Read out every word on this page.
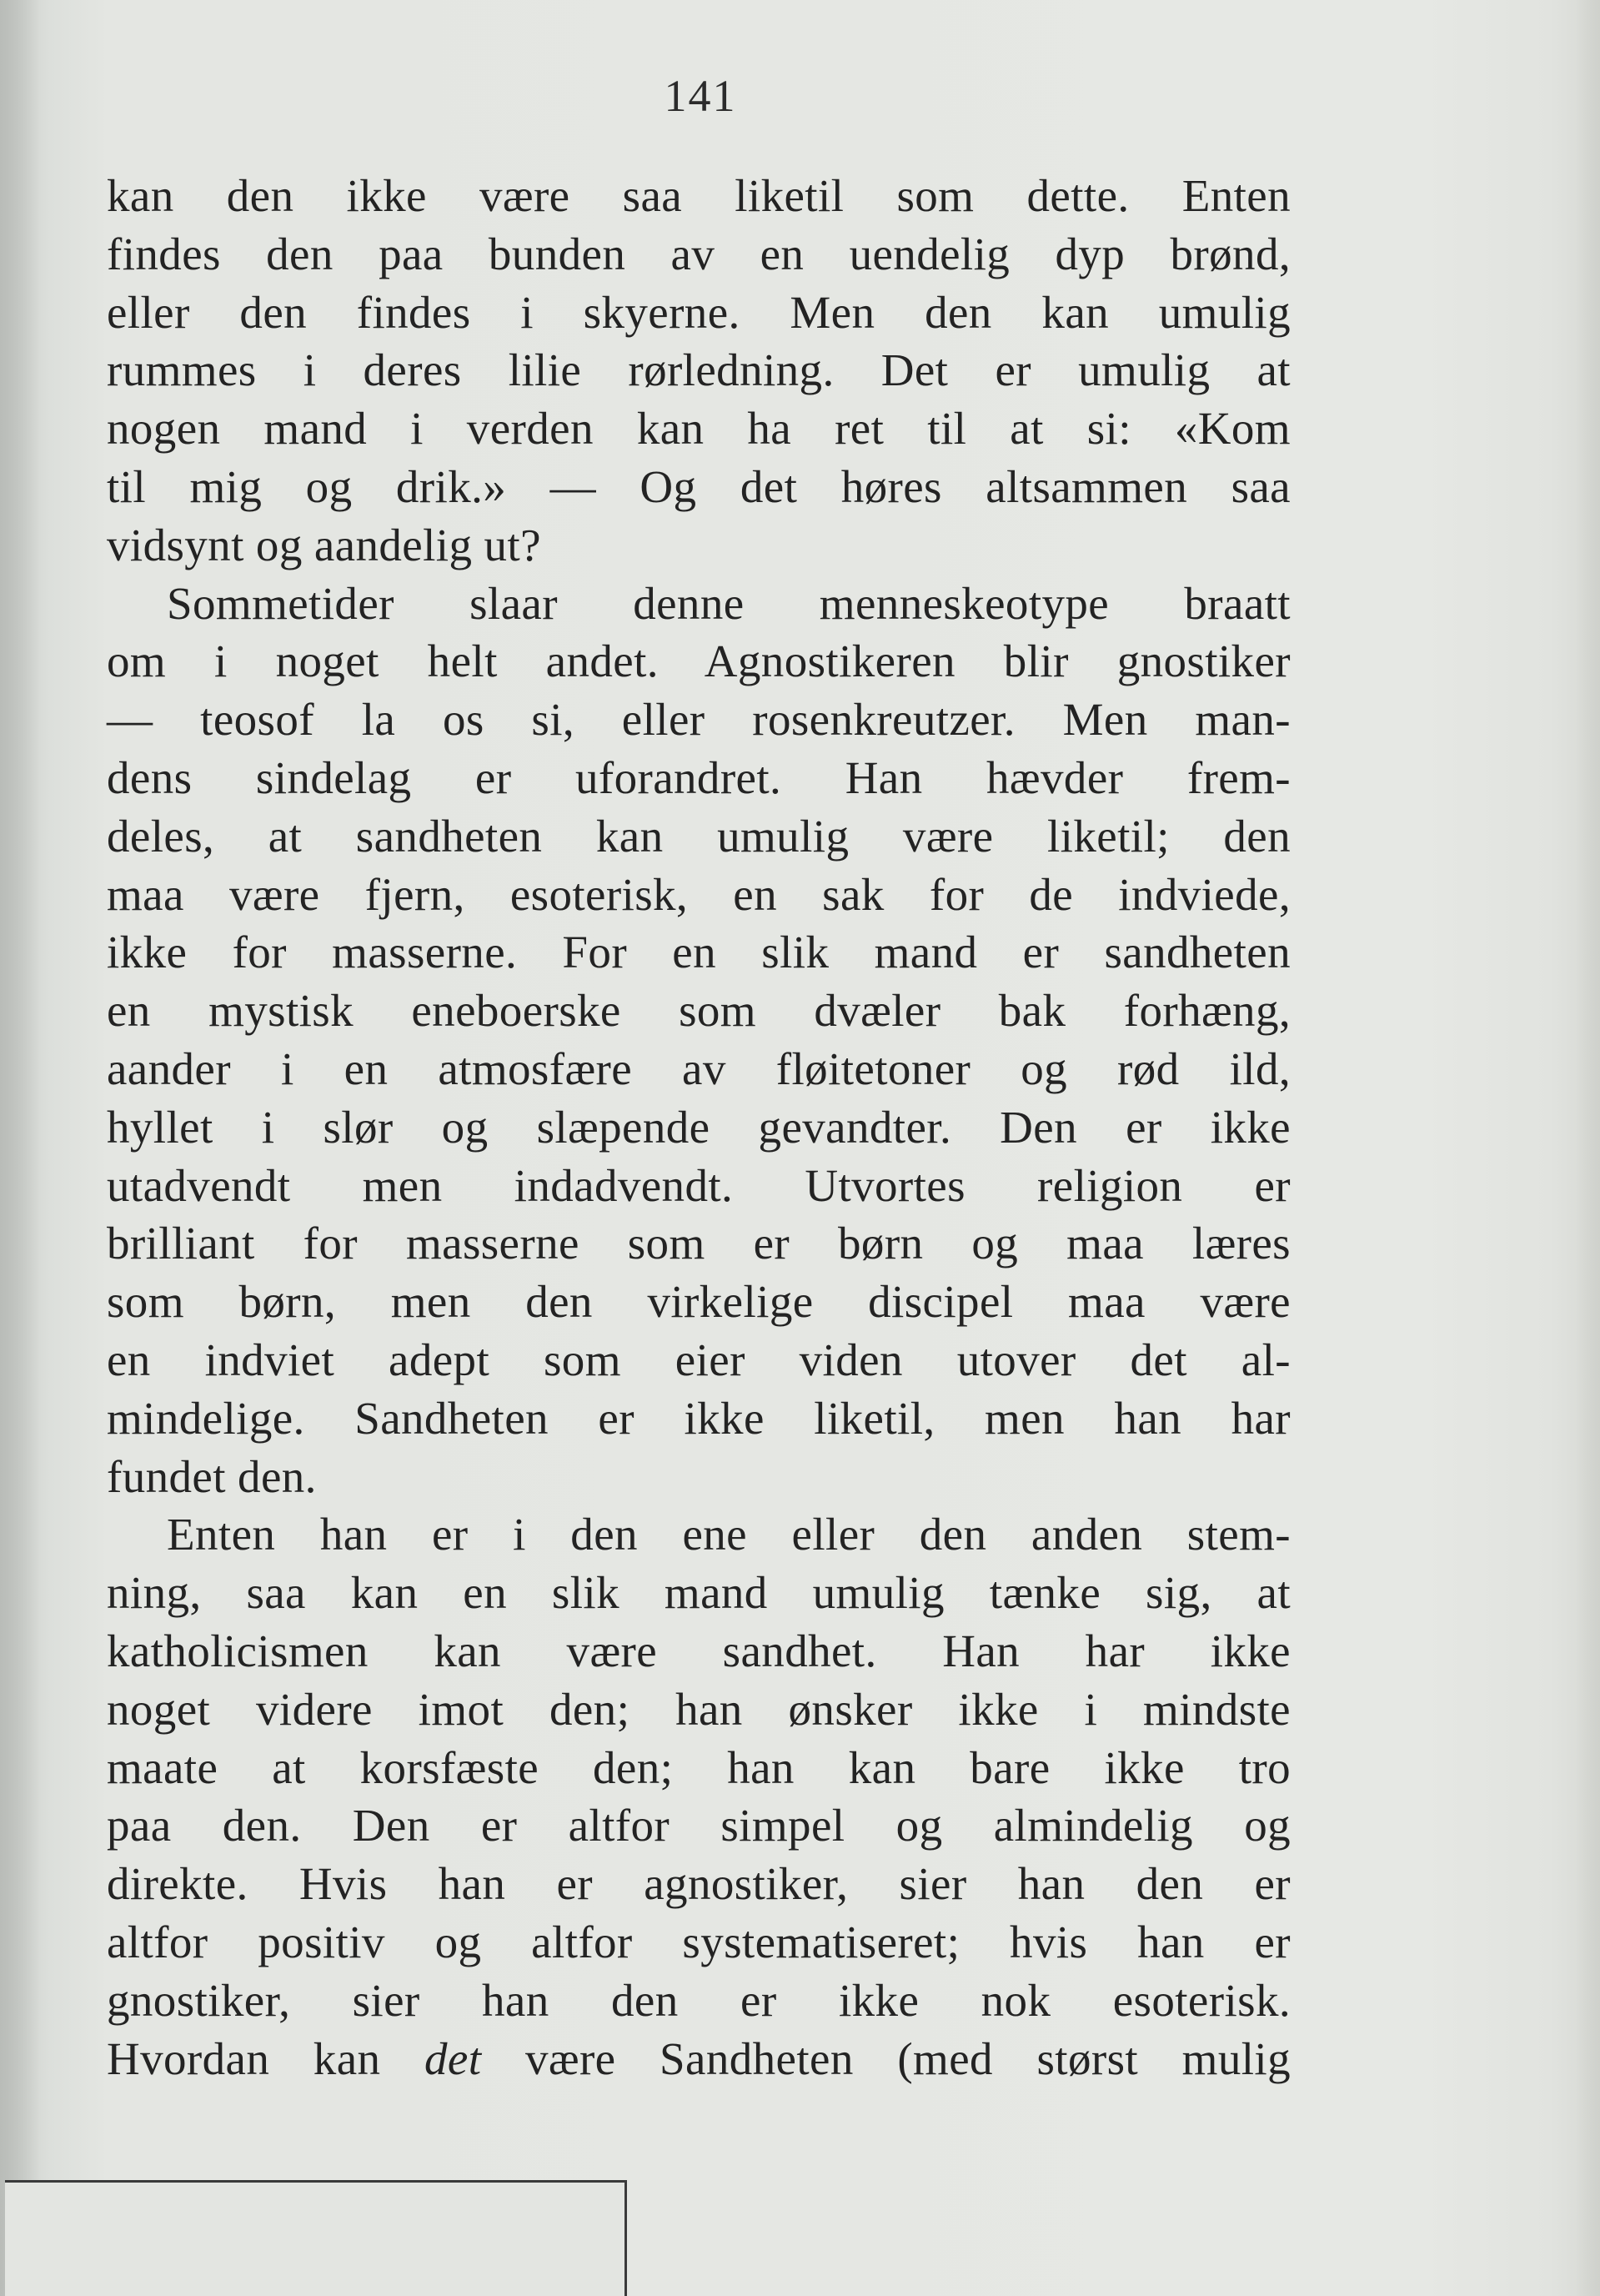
141

kan den ikke være saa liketil som dette. Enten

findes den paa bunden av en uendelig dyp brønd,

eller den findes i skyerne. Men den kan umulig

rummes i deres lilie rørledning. Det er umulig at

nogen mand i verden kan ha ret til at si: «Kom

til mig og drik.» — Og det høres altsammen saa

vidsynt og aandelig ut?

Sommetider slaar denne menneskeotype braatt

om i noget helt andet. Agnostikeren blir gnostiker

— teosof la os si, eller rosenkreutzer. Men man-

dens sindelag er uforandret. Han hævder frem-

deles, at sandheten kan umulig være liketil; den

maa være fjern, esoterisk, en sak for de indviede,

ikke for masserne. For en slik mand er sandheten

en mystisk eneboerske som dvæler bak forhæng,

aander i en atmosfære av fløitetoner og rød ild,

hyllet i slør og slæpende gevandter. Den er ikke

utadvendt men indadvendt. Utvortes religion er

brilliant for masserne som er børn og maa læres

som børn, men den virkelige discipel maa være

en indviet adept som eier viden utover det al-

mindelige. Sandheten er ikke liketil, men han har

fundet den.

Enten han er i den ene eller den anden stem-

ning, saa kan en slik mand umulig tænke sig, at

katholicismen kan være sandhet. Han har ikke

noget videre imot den; han ønsker ikke i mindste

maate at korsfæste den; han kan bare ikke tro

paa den. Den er altfor simpel og almindelig og

direkte. Hvis han er agnostiker, sier han den er

altfor positiv og altfor systematiseret; hvis han er

gnostiker, sier han den er ikke nok esoterisk.

Hvordan kan det være Sandheten (med størst mulig
